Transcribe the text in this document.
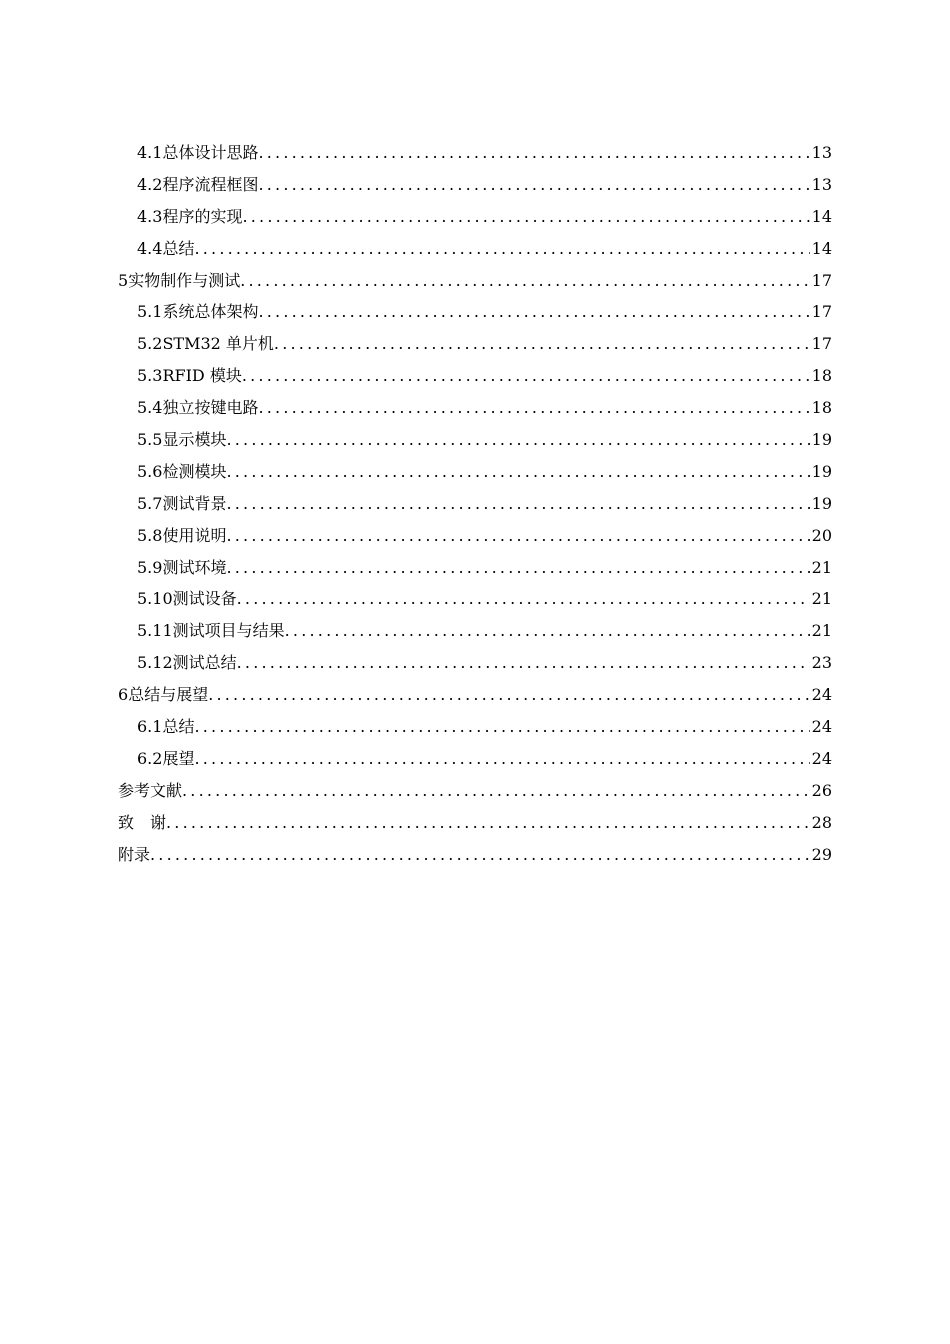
4.1 总体设计思路 .....	13
4.2 程序流程框图 .....	13
4.3 程序的实现 .....	14
4.4 总结 .....	14
5 实物制作与测试 .....	17
5.1 系统总体架构 .....	17
5.2 STM32 单片机 .....	17
5.3 RFID 模块 .....	18
5.4 独立按键电路 .....	18
5.5 显示模块 .....	19
5.6 检测模块 .....	19
5.7 测试背景 .....	19
5.8 使用说明 .....	20
5.9 测试环境 .....	21
5.10 测试设备 .....	21
5.11 测试项目与结果 .....	21
5.12 测试总结 .....	23
6 总结与展望 .....	24
6.1 总结 .....	24
6.2 展望 .....	24
参考文献 .....	26
致　谢 .....	28
附录 .....	29
